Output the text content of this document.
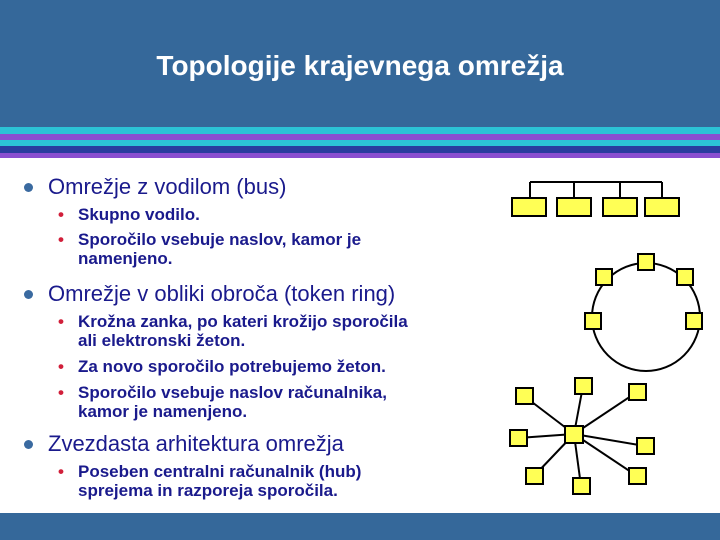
Topologije krajevnega omrežja
Omrežje z vodilom (bus)
• Skupno vodilo.
• Sporočilo vsebuje naslov, kamor je
namenjeno.
Omrežje v obliki obroča (token ring)
• Krožna zanka, po kateri krožijo sporočila
ali elektronski žeton.
• Za novo sporočilo potrebujemo žeton.
• Sporočilo vsebuje naslov računalnika,
kamor je namenjeno.
Zvezdasta arhitektura omrežja
• Poseben centralni računalnik (hub)
sprejema in razporeja sporočila.
